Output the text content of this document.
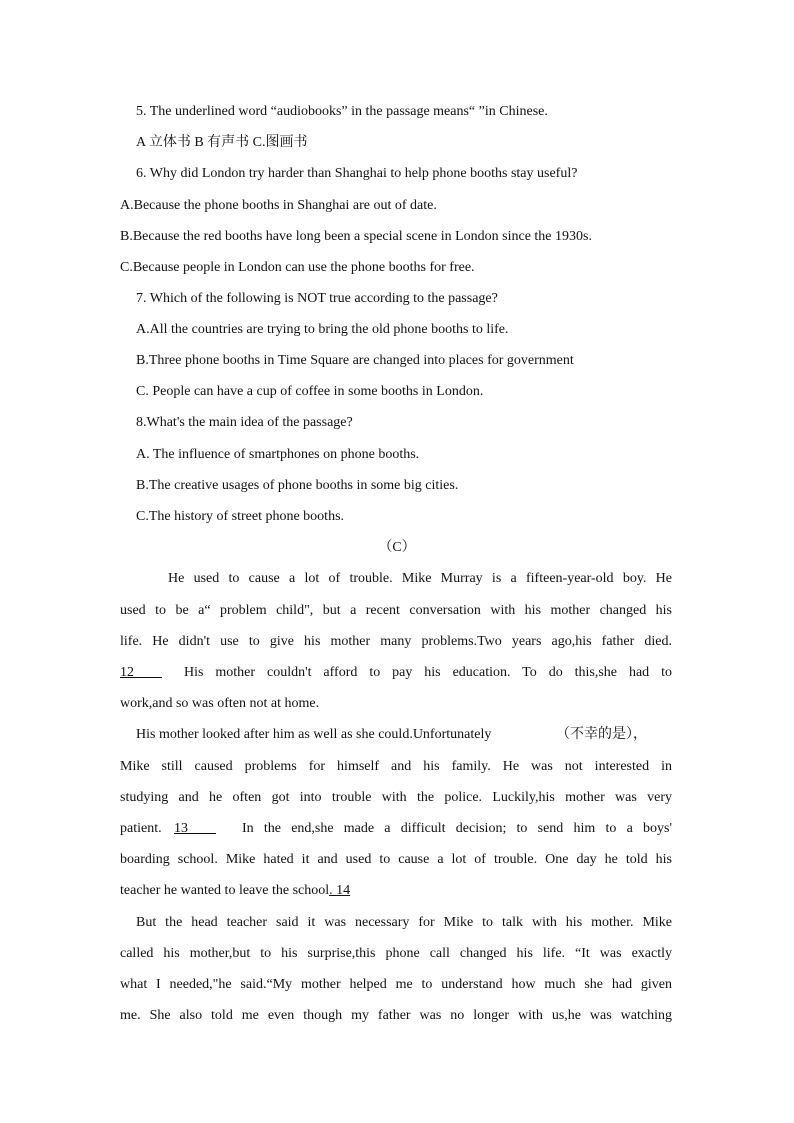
5. The underlined word “audiobooks” in the passage means“ ”in Chinese.
A 立体书 B 有声书 C.图画书
6. Why did London try harder than Shanghai to help phone booths stay useful?
A.Because the phone booths in Shanghai are out of date.
B.Because the red booths have long been a special scene in London since the 1930s.
C.Because people in London can use the phone booths for free.
7. Which of the following is NOT true according to the passage?
A.All the countries are trying to bring the old phone booths to life.
B.Three phone booths in Time Square are changed into places for government
C. People can have a cup of coffee in some booths in London.
8.What's the main idea of the passage?
A. The influence of smartphones on phone booths.
B.The creative usages of phone booths in some big cities.
C.The history of street phone booths.
（C）
He used to cause a lot of trouble. Mike Murray is a fifteen-year-old boy. He
used to be a“ problem child", but a recent conversation with his mother changed his
life. He didn't use to give his mother many problems.Two years ago,his father died.
12 His mother couldn't afford to pay his education. To do this,she had to
work,and so was often not at home.
His mother looked after him as well as she could.Unfortunately	（不幸的是），
Mike still caused problems for himself and his family. He was not interested in
studying and he often got into trouble with the police. Luckily,his mother was very
patient. 13 In the end,she made a difficult decision; to send him to a boys'
boarding school. Mike hated it and used to cause a lot of trouble. One day he told his
teacher he wanted to leave the school. 14
But the head teacher said it was necessary for Mike to talk with his mother. Mike
called his mother,but to his surprise,this phone call changed his life. “It was exactly
what I needed,"he said.“My mother helped me to understand how much she had given
me. She also told me even though my father was no longer with us,he was watching
